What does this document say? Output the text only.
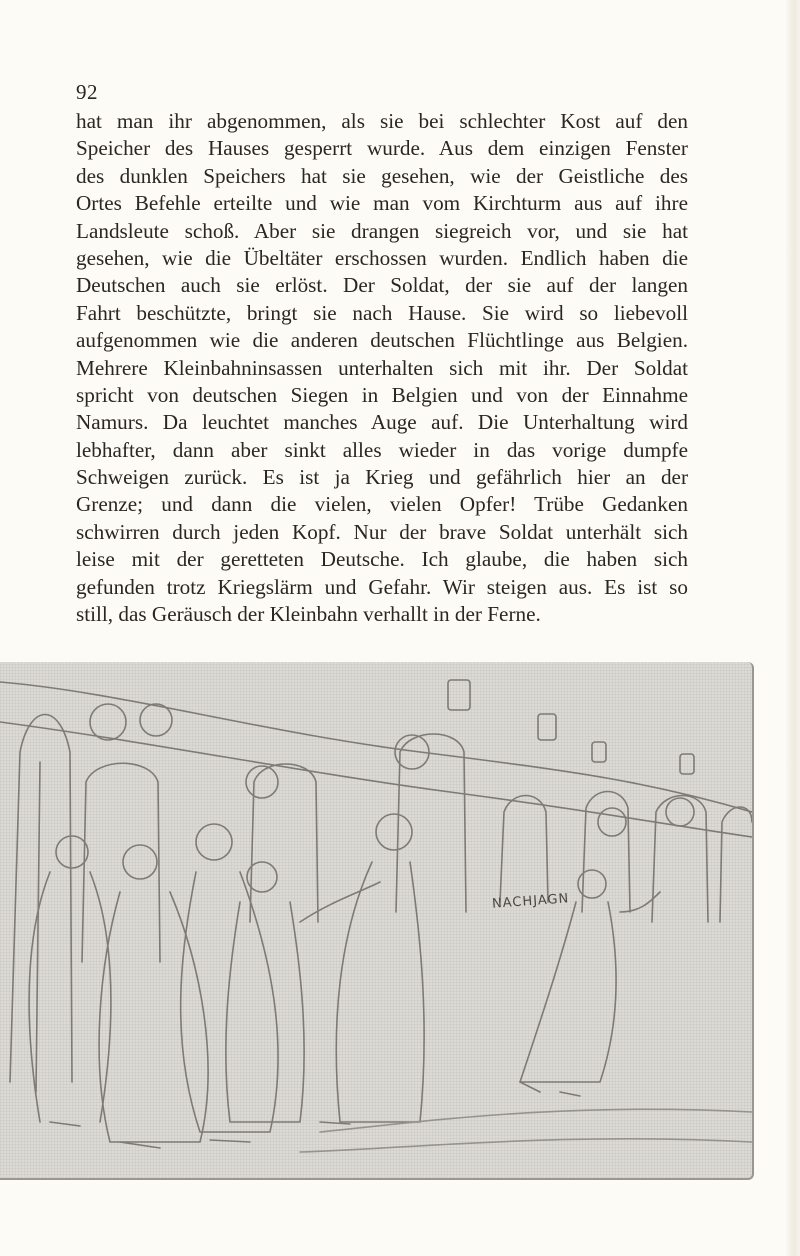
92
hat man ihr abgenommen, als sie bei schlechter Kost auf den
Speicher des Hauses gesperrt wurde. Aus dem einzigen Fenster
des dunklen Speichers hat sie gesehen, wie der Geistliche des
Ortes Befehle erteilte und wie man vom Kirchturm aus auf ihre
Landsleute schoß. Aber sie drangen siegreich vor, und sie hat
gesehen, wie die Übeltäter erschossen wurden. Endlich haben die
Deutschen auch sie erlöst. Der Soldat, der sie auf der langen
Fahrt beschützte, bringt sie nach Hause. Sie wird so liebevoll
aufgenommen wie die anderen deutschen Flüchtlinge aus Belgien.
Mehrere Kleinbahninsassen unterhalten sich mit ihr. Der Soldat
spricht von deutschen Siegen in Belgien und von der Einnahme
Namurs. Da leuchtet manches Auge auf. Die Unterhaltung wird
lebhafter, dann aber sinkt alles wieder in das vorige dumpfe
Schweigen zurück. Es ist ja Krieg und gefährlich hier an der
Grenze; und dann die vielen, vielen Opfer! Trübe Gedanken
schwirren durch jeden Kopf. Nur der brave Soldat unterhält sich
leise mit der geretteten Deutsche. Ich glaube, die haben sich
gefunden trotz Kriegslärm und Gefahr. Wir steigen aus. Es ist so
still, das Geräusch der Kleinbahn verhallt in der Ferne.
NACHJAGN
